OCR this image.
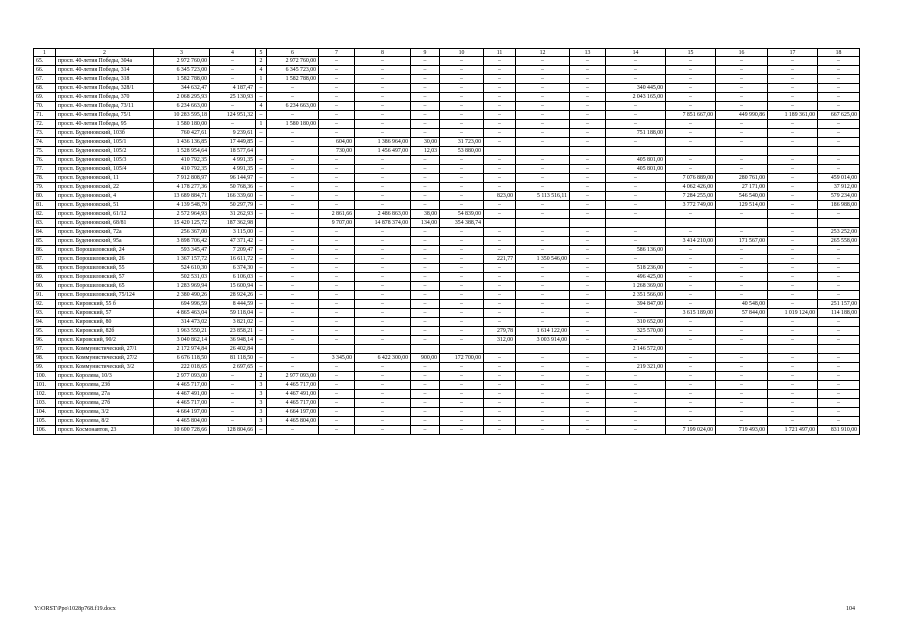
1	2	3	4	5	6	7	8	9	10	11	12	13	14	15	16	17	18
65.	просп. 40-летия Победы, 304а	2 972 760,00	–	2	2 972 760,00	–	–	–	–	–	–	–	–	–	–	–	–
66.	просп. 40-летия Победы, 314	6 345 723,00	–	4	6 345 723,00	–	–	–	–	–	–	–	–	–	–	–	–
67.	просп. 40-летия Победы, 318	1 582 788,00	–	1	1 582 788,00	–	–	–	–	–	–	–	–	–	–	–	–
68.	просп. 40-летия Победы, 328/1	344 632,47	4 187,47	–	–	–	–	–	–	–	–	–	340 445,00	–	–	–	–
69.	просп. 40-летия Победы, 370	2 068 295,93	25 130,93	–	–	–	–	–	–	–	–	–	2 043 165,00	–	–	–	–
70.	просп. 40-летия Победы, 73/11	6 234 663,00	–	4	6 234 663,00	–	–	–	–	–	–	–	–	–	–	–	–
71.	просп. 40-летия Победы, 75/1	10 283 595,18	124 951,32	–	–	–	–	–	–	–	–	–	–	7 851 667,00	449 990,86	1 189 361,00	667 625,00
72.	просп. 40-летия Победы, 95	1 580 180,00	–	1	1 580 180,00	–	–	–	–	–	–	–	–	–	–	–	–
73.	просп. Буденновский, 103б	760 427,61	9 239,61	–	–	–	–	–	–	–	–	–	751 188,00	–	–	–	–
74.	просп. Буденновский, 105/1	1 436 136,85	17 449,85	–	–	604,00	1 386 964,00	30,00	31 723,00	–	–	–	–	–	–	–	–
75.	просп. Буденновский, 105/2	1 528 954,64	18 577,64			730,00	1 456 497,00	12,03	53 880,00								
76.	просп. Буденновский, 105/3	410 792,35	4 991,35	–	–	–	–	–	–	–	–	–	405 801,00	–	–	–	–
77.	просп. Буденновский, 105/4	410 792,35	4 991,35	–	–	–	–	–	–	–	–	–	405 801,00	–	–	–	–
78.	просп. Буденновский, 11	7 912 808,97	96 144,97	–	–	–	–	–	–	–	–	–	–	7 076 889,00	280 761,00	–	459 014,00
79.	просп. Буденновский, 22	4 178 277,36	50 768,36	–	–	–	–	–	–	–	–	–	–	4 062 426,00	27 171,00	–	37 912,00
80.	просп. Буденновский, 4	13 689 884,71	166 339,60	–	–	–	–	–	–	823,00	5 113 516,11	–	–	7 284 255,00	546 540,00	–	579 234,00
81.	просп. Буденновский, 51	4 139 548,79	50 297,79	–	–	–	–	–	–	–	–	–	–	3 772 749,00	129 514,00	–	186 988,00
82.	просп. Буденновский, 61/12	2 572 964,93	31 262,93	–	–	2 861,66	2 486 863,00	38,00	54 839,00	–	–	–	–	–	–	–	–
83.	просп. Буденновский, 68/81	15 420 125,72	187 362,98			9 707,00	14 878 374,00	134,00	354 388,74								
84.	просп. Буденновский, 72а	256 367,00	3 115,00	–	–	–	–	–	–	–	–	–	–	–	–	–	253 252,00
85.	просп. Буденновский, 95а	3 898 706,42	47 371,42	–	–	–	–	–	–	–	–	–	–	3 414 210,00	171 567,00	–	265 558,00
86.	просп. Ворошиловский, 24	593 345,47	7 209,47	–	–	–	–	–	–	–	–	–	586 136,00	–	–	–	–
87.	просп. Ворошиловский, 26	1 367 157,72	16 611,72	–	–	–	–	–	–	221,77	1 350 546,00	–	–	–	–	–	–
88.	просп. Ворошиловский, 55	524 610,30	6 374,30	–	–	–	–	–	–	–	–	–	518 236,00	–	–	–	–
89.	просп. Ворошиловский, 57	502 531,03	6 106,03	–	–	–	–	–	–	–	–	–	496 425,00	–	–	–	–
90.	просп. Ворошиловский, 65	1 283 969,94	15 600,94	–	–	–	–	–	–	–	–	–	1 268 369,00	–	–	–	–
91.	просп. Ворошиловский, 75/124	2 380 490,26	28 924,26	–	–	–	–	–	–	–	–	–	2 351 566,00	–	–	–	–
92.	просп. Кировский, 55 б	694 996,59	8 444,59	–	–	–	–	–	–	–	–	–	394 847,00	–	40 548,00	–	251 157,00
93.	просп. Кировский, 57	4 865 463,04	59 118,04	–	–	–	–	–	–	–	–	–	–	3 615 189,00	57 844,00	1 019 124,00	114 188,00
94.	просп. Кировский, 80	314 473,02	3 821,02	–	–	–	–	–	–	–	–	–	310 652,00	–	–	–	–
95.	просп. Кировский, 82б	1 963 550,21	23 858,21	–	–	–	–	–	–	279,78	1 614 122,00	–	325 570,00	–	–	–	–
96.	просп. Кировский, 90/2	3 040 862,14	36 948,14	–	–	–	–	–	–	312,00	3 003 914,00	–	–	–	–	–	–
97.	просп. Коммунистический, 27/1	2 172 974,84	26 402,84										2 146 572,00				
98.	просп. Коммунистический, 27/2	6 676 118,50	81 118,50	–	–	3 345,00	6 422 300,00	900,00	172 700,00	–	–	–	–	–	–	–	–
99.	просп. Коммунистический, 3/2	222 018,65	2 697,65	–	–	–	–	–	–	–	–	–	219 321,00	–	–	–	–
100.	просп. Королева, 10/3	2 977 093,00	–	2	2 977 093,00	–	–	–	–	–	–	–	–	–	–	–	–
101.	просп. Королева, 23б	4 465 717,00	–	3	4 465 717,00	–	–	–	–	–	–	–	–	–	–	–	–
102.	просп. Королева, 27а	4 467 491,00	–	3	4 467 491,00	–	–	–	–	–	–	–	–	–	–	–	–
103.	просп. Королева, 27б	4 465 717,00	–	3	4 465 717,00	–	–	–	–	–	–	–	–	–	–	–	–
104.	просп. Королева, 3/2	4 664 197,00	–	3	4 664 197,00	–	–	–	–	–	–	–	–	–	–	–	–
105.	просп. Королева, 8/2	4 465 804,00	–	3	4 465 804,00	–	–	–	–	–	–	–	–	–	–	–	–
106.	просп. Космонавтов, 23	10 600 728,66	128 804,66	–	–	–	–	–	–	–	–	–	–	7 199 024,00	719 493,00	1 721 497,00	831 910,00
Y:\ORST\Ppo\1028p768.f19.docx	104
